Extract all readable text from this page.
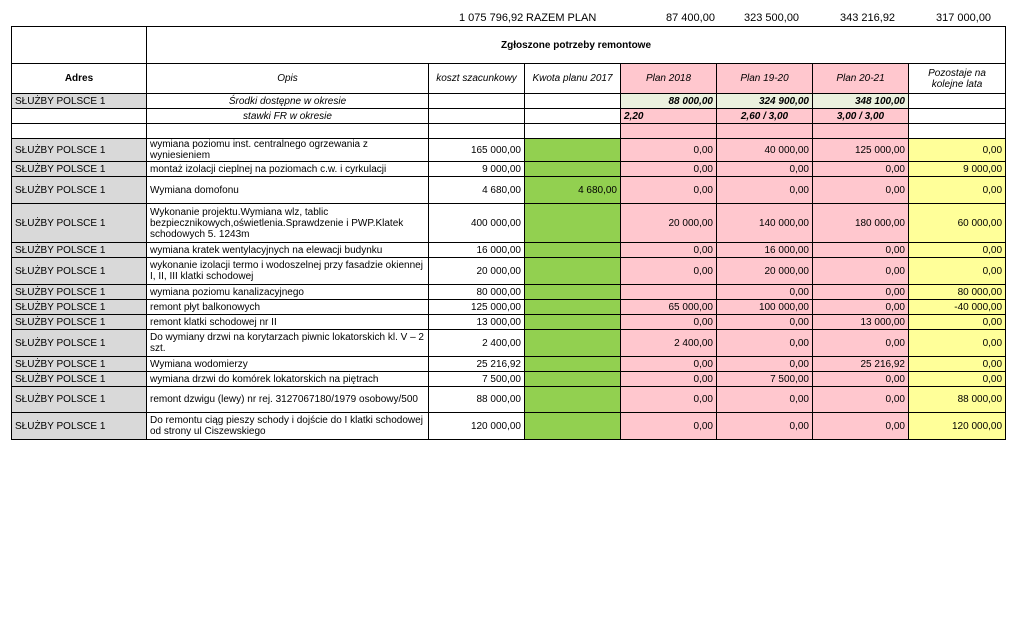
1 075 796,92 RAZEM PLAN	87 400,00	323 500,00	343 216,92	317 000,00
	Zgłoszone potrzeby remontowe						
Adres	Opis	koszt szacunkowy	Kwota planu 2017	Plan 2018	Plan 19-20	Plan 20-21	Pozostaje na kolejne lata
SŁUŻBY POLSCE 1	Środki dostępne w okresie			88 000,00	324 900,00	348 100,00	
	stawki FR w okresie			2,20	2,60 / 3,00	3,00 / 3,00	

SŁUŻBY POLSCE 1	wymiana poziomu inst. centralnego ogrzewania z wyniesieniem	165 000,00		0,00	40 000,00	125 000,00	0,00
SŁUŻBY POLSCE 1	montaż izolacji cieplnej na poziomach c.w. i cyrkulacji	9 000,00		0,00	0,00	0,00	9 000,00
SŁUŻBY POLSCE 1	Wymiana domofonu	4 680,00	4 680,00	0,00	0,00	0,00	0,00
SŁUŻBY POLSCE 1	Wykonanie projektu.Wymiana wlz, tablic bezpiecznikowych,oświetlenia.Sprawdzenie i PWP.Klatek schodowych 5. 1243m	400 000,00		20 000,00	140 000,00	180 000,00	60 000,00
SŁUŻBY POLSCE 1	wymiana kratek wentylacyjnych na elewacji budynku	16 000,00		0,00	16 000,00	0,00	0,00
SŁUŻBY POLSCE 1	wykonanie izolacji termo i wodoszelnej przy fasadzie okiennej I, II, III klatki schodowej	20 000,00		0,00	20 000,00	0,00	0,00
SŁUŻBY POLSCE 1	wymiana poziomu kanalizacyjnego	80 000,00			0,00	0,00	80 000,00
SŁUŻBY POLSCE 1	remont płyt balkonowych	125 000,00		65 000,00	100 000,00	0,00	-40 000,00
SŁUŻBY POLSCE 1	remont klatki schodowej nr II	13 000,00		0,00	0,00	13 000,00	0,00
SŁUŻBY POLSCE 1	Do wymiany drzwi na korytarzach piwnic lokatorskich kl. V – 2 szt.	2 400,00		2 400,00	0,00	0,00	0,00
SŁUŻBY POLSCE 1	Wymiana wodomierzy	25 216,92		0,00	0,00	25 216,92	0,00
SŁUŻBY POLSCE 1	wymiana drzwi do komórek lokatorskich na piętrach	7 500,00		0,00	7 500,00	0,00	0,00
SŁUŻBY POLSCE 1	remont dzwigu (lewy) nr rej. 3127067180/1979 osobowy/500	88 000,00		0,00	0,00	0,00	88 000,00
SŁUŻBY POLSCE 1	Do remontu ciąg pieszy schody i dojście do I klatki schodowej od strony ul Ciszewskiego	120 000,00		0,00	0,00	0,00	120 000,00
